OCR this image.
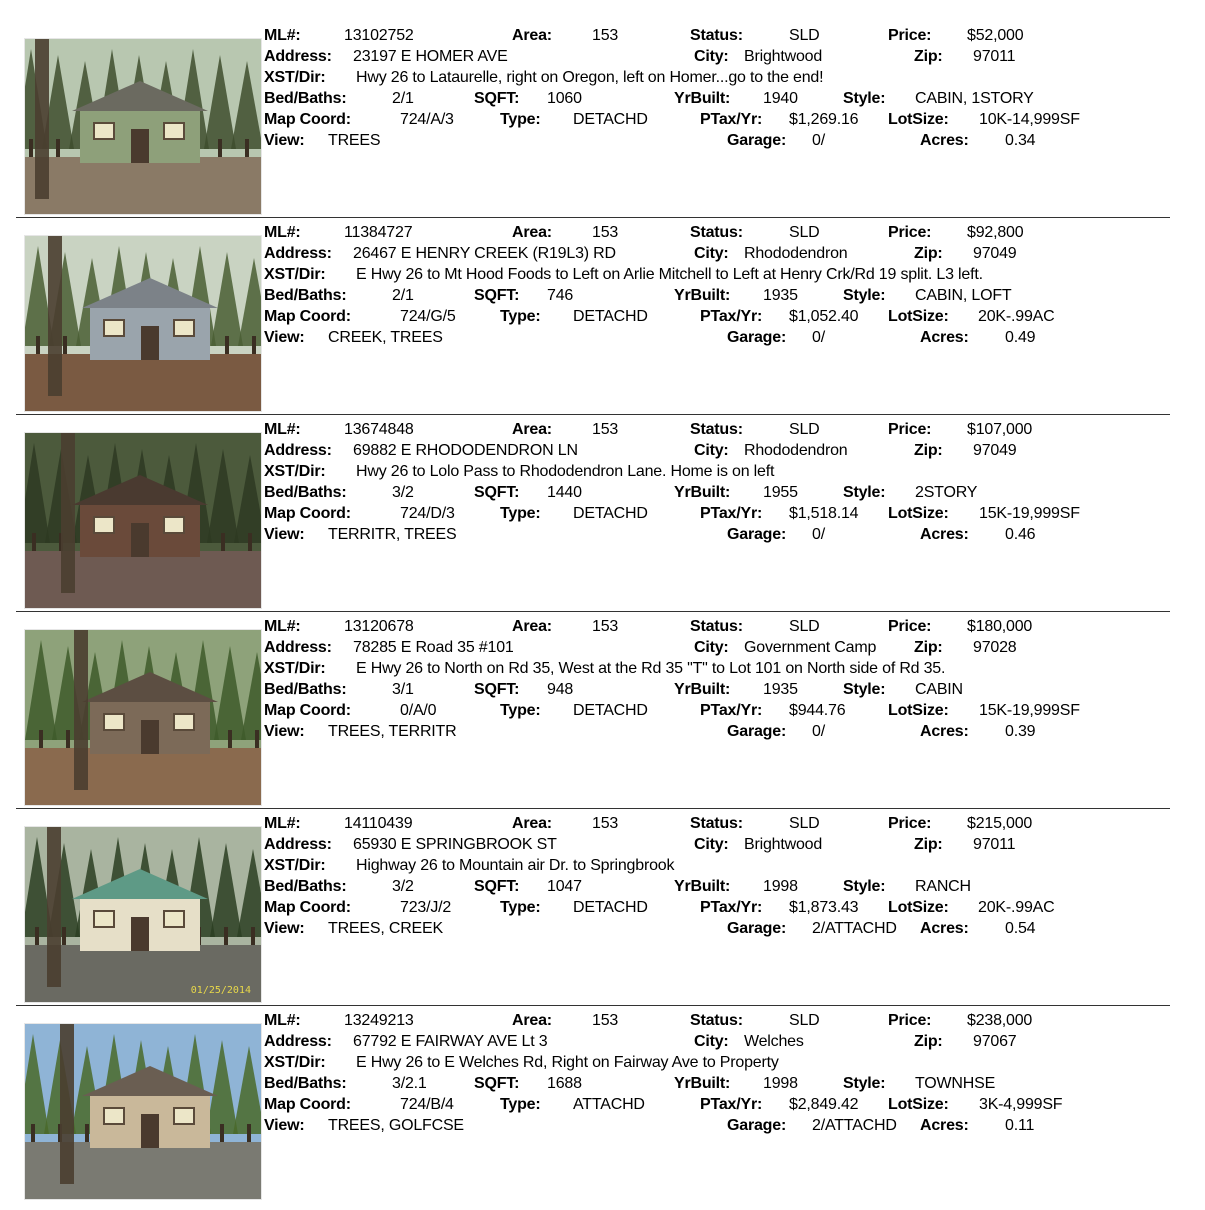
ML#:	13102752	Area:	153	Status:	SLD	Price: $52,000
Address: 23197 E HOMER AVE	City: Brightwood	Zip: 97011
XST/Dir: Hwy 26 to Lataurelle, right on Oregon, left on Homer...go to the end!
Bed/Baths:	2/1	SQFT: 1060	YrBuilt: 1940	Style: CABIN, 1STORY
Map Coord:	724/A/3	Type: DETACHD	PTax/Yr: $1,269.16 LotSize: 10K-14,999SF
View: TREES	Garage: 0/	Acres: 0.34
ML#:	11384727	Area:	153	Status:	SLD	Price: $92,800
Address: 26467 E HENRY CREEK (R19L3) RD	City: Rhododendron	Zip: 97049
XST/Dir: E Hwy 26 to Mt Hood Foods to Left on Arlie Mitchell to Left at Henry Crk/Rd 19 split. L3 left.
Bed/Baths:	2/1	SQFT: 746	YrBuilt: 1935	Style: CABIN, LOFT
Map Coord:	724/G/5	Type: DETACHD	PTax/Yr: $1,052.40 LotSize: 20K-.99AC
View: CREEK, TREES	Garage: 0/	Acres: 0.49
ML#:	13674848	Area:	153	Status:	SLD	Price: $107,000
Address: 69882 E RHODODENDRON LN	City: Rhododendron	Zip: 97049
XST/Dir: Hwy 26 to Lolo Pass to Rhododendron Lane. Home is on left
Bed/Baths:	3/2	SQFT: 1440	YrBuilt: 1955	Style: 2STORY
Map Coord:	724/D/3	Type: DETACHD	PTax/Yr: $1,518.14 LotSize: 15K-19,999SF
View: TERRITR, TREES	Garage: 0/	Acres: 0.46
ML#:	13120678	Area:	153	Status:	SLD	Price: $180,000
Address: 78285 E Road 35 #101	City: Government Camp Zip: 97028
XST/Dir: E Hwy 26 to North on Rd 35, West at the Rd 35 "T" to Lot 101 on North side of Rd 35.
Bed/Baths:	3/1	SQFT: 948	YrBuilt: 1935	Style: CABIN
Map Coord:	0/A/0	Type: DETACHD	PTax/Yr: $944.76	LotSize: 15K-19,999SF
View: TREES, TERRITR	Garage: 0/	Acres: 0.39
01/25/2014
ML#:	14110439	Area:	153	Status:	SLD	Price: $215,000
Address: 65930 E SPRINGBROOK ST	City: Brightwood	Zip: 97011
XST/Dir: Highway 26 to Mountain air Dr. to Springbrook
Bed/Baths:	3/2	SQFT: 1047	YrBuilt: 1998	Style: RANCH
Map Coord:	723/J/2	Type: DETACHD	PTax/Yr: $1,873.43 LotSize: 20K-.99AC
View: TREES, CREEK	Garage: 2/ATTACHD Acres: 0.54
ML#:	13249213	Area:	153	Status:	SLD	Price: $238,000
Address: 67792 E FAIRWAY AVE Lt 3	City: Welches	Zip: 97067
XST/Dir: E Hwy 26 to E Welches Rd, Right on Fairway Ave to Property
Bed/Baths:	3/2.1	SQFT: 1688	YrBuilt: 1998	Style: TOWNHSE
Map Coord:	724/B/4	Type: ATTACHD	PTax/Yr: $2,849.42 LotSize: 3K-4,999SF
View: TREES, GOLFCSE	Garage: 2/ATTACHD Acres: 0.11
